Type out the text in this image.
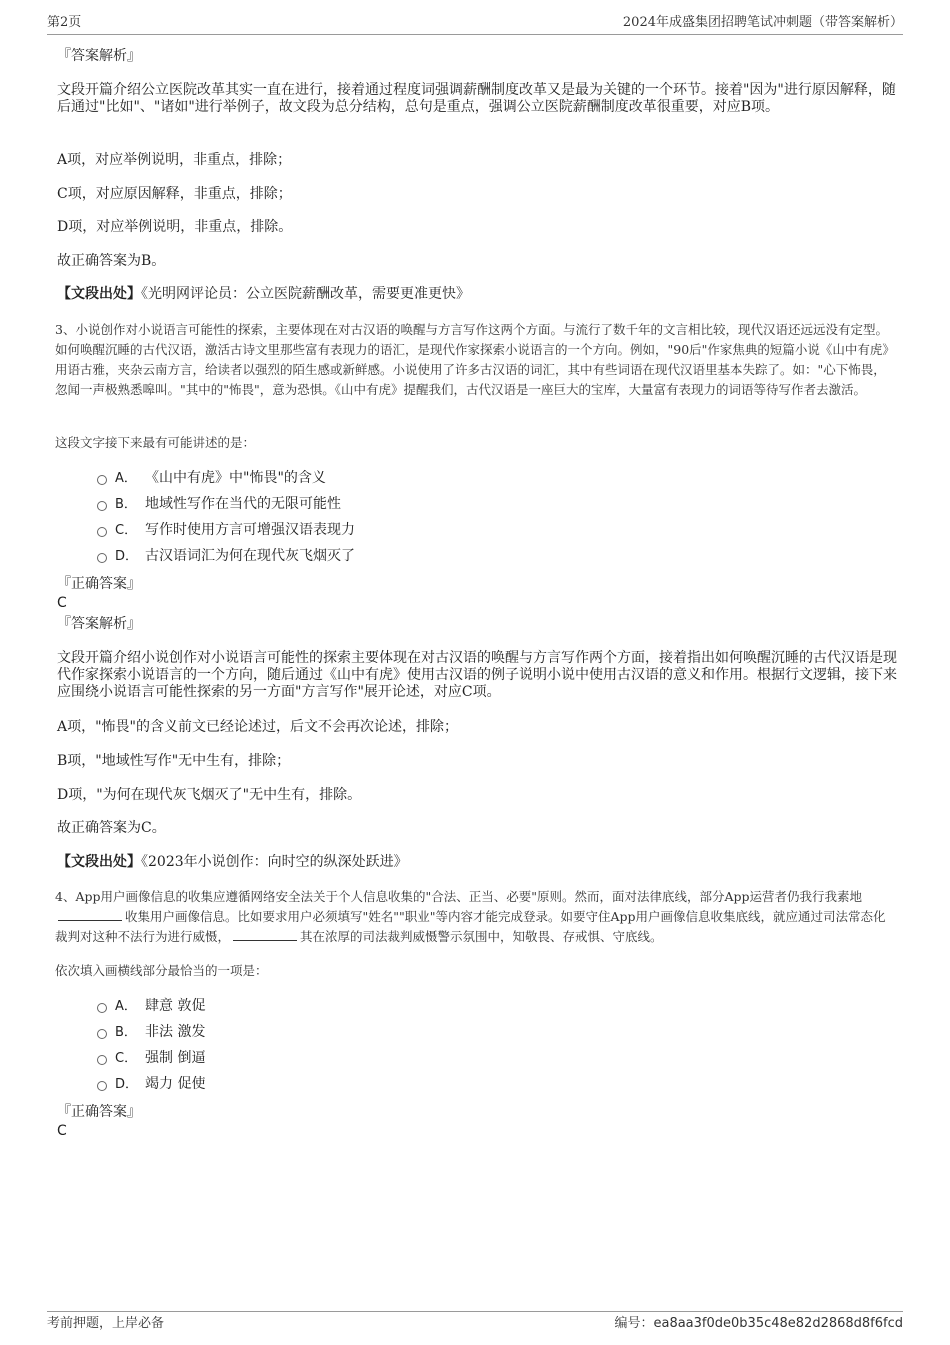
第2页	2024年成盛集团招聘笔试冲刺题（带答案解析）
『答案解析』

文段开篇介绍公立医院改革其实一直在进行，接着通过程度词强调薪酬制度改革又是最为关键的一个环节。接着"因为"进行原因解释，随后通过"比如"、"诸如"进行举例子，故文段为总分结构，总句是重点，强调公立医院薪酬制度改革很重要，对应B项。

A项，对应举例说明，非重点，排除；

C项，对应原因解释，非重点，排除；

D项，对应举例说明，非重点，排除。

故正确答案为B。

【文段出处】《光明网评论员：公立医院薪酬改革，需要更准更快》

3、小说创作对小说语言可能性的探索，主要体现在对古汉语的唤醒与方言写作这两个方面。与流行了数千年的文言相比较，现代汉语还远远没有定型。如何唤醒沉睡的古代汉语，激活古诗文里那些富有表现力的语汇，是现代作家探索小说语言的一个方向。例如，"90后"作家焦典的短篇小说《山中有虎》用语古雅，夹杂云南方言，给读者以强烈的陌生感或新鲜感。小说使用了许多古汉语的词汇，其中有些词语在现代汉语里基本失踪了。如："心下怖畏，忽闻一声极熟悉嗥叫。"其中的"怖畏"，意为恐惧。《山中有虎》提醒我们，古代汉语是一座巨大的宝库，大量富有表现力的词语等待写作者去激活。

这段文字接下来最有可能讲述的是：

A． 《山中有虎》中"怖畏"的含义
B． 地域性写作在当代的无限可能性
C． 写作时使用方言可增强汉语表现力
D． 古汉语词汇为何在现代灰飞烟灭了
『正确答案』
C
『答案解析』

文段开篇介绍小说创作对小说语言可能性的探索主要体现在对古汉语的唤醒与方言写作两个方面，接着指出如何唤醒沉睡的古代汉语是现代作家探索小说语言的一个方向，随后通过《山中有虎》使用古汉语的例子说明小说中使用古汉语的意义和作用。根据行文逻辑，接下来应围绕小说语言可能性探索的另一方面"方言写作"展开论述，对应C项。

A项，"怖畏"的含义前文已经论述过，后文不会再次论述，排除；

B项，"地域性写作"无中生有，排除；

D项，"为何在现代灰飞烟灭了"无中生有，排除。

故正确答案为C。

【文段出处】《2023年小说创作：向时空的纵深处跃进》

4、App用户画像信息的收集应遵循网络安全法关于个人信息收集的"合法、正当、必要"原则。然而，面对法律底线，部分App运营者仍我行我素地收集用户画像信息。比如要求用户必须填写"姓名""职业"等内容才能完成登录。如要守住App用户画像信息收集底线，就应通过司法常态化裁判对这种不法行为进行威慑，	其在浓厚的司法裁判威慑警示氛围中，知敬畏、存戒惧、守底线。

依次填入画横线部分最恰当的一项是：

A． 肆意 敦促
B． 非法 激发
C． 强制 倒逼
D． 竭力 促使
『正确答案』
C
考前押题，上岸必备	编号：ea8aa3f0de0b35c48e82d2868d8f6fcd
